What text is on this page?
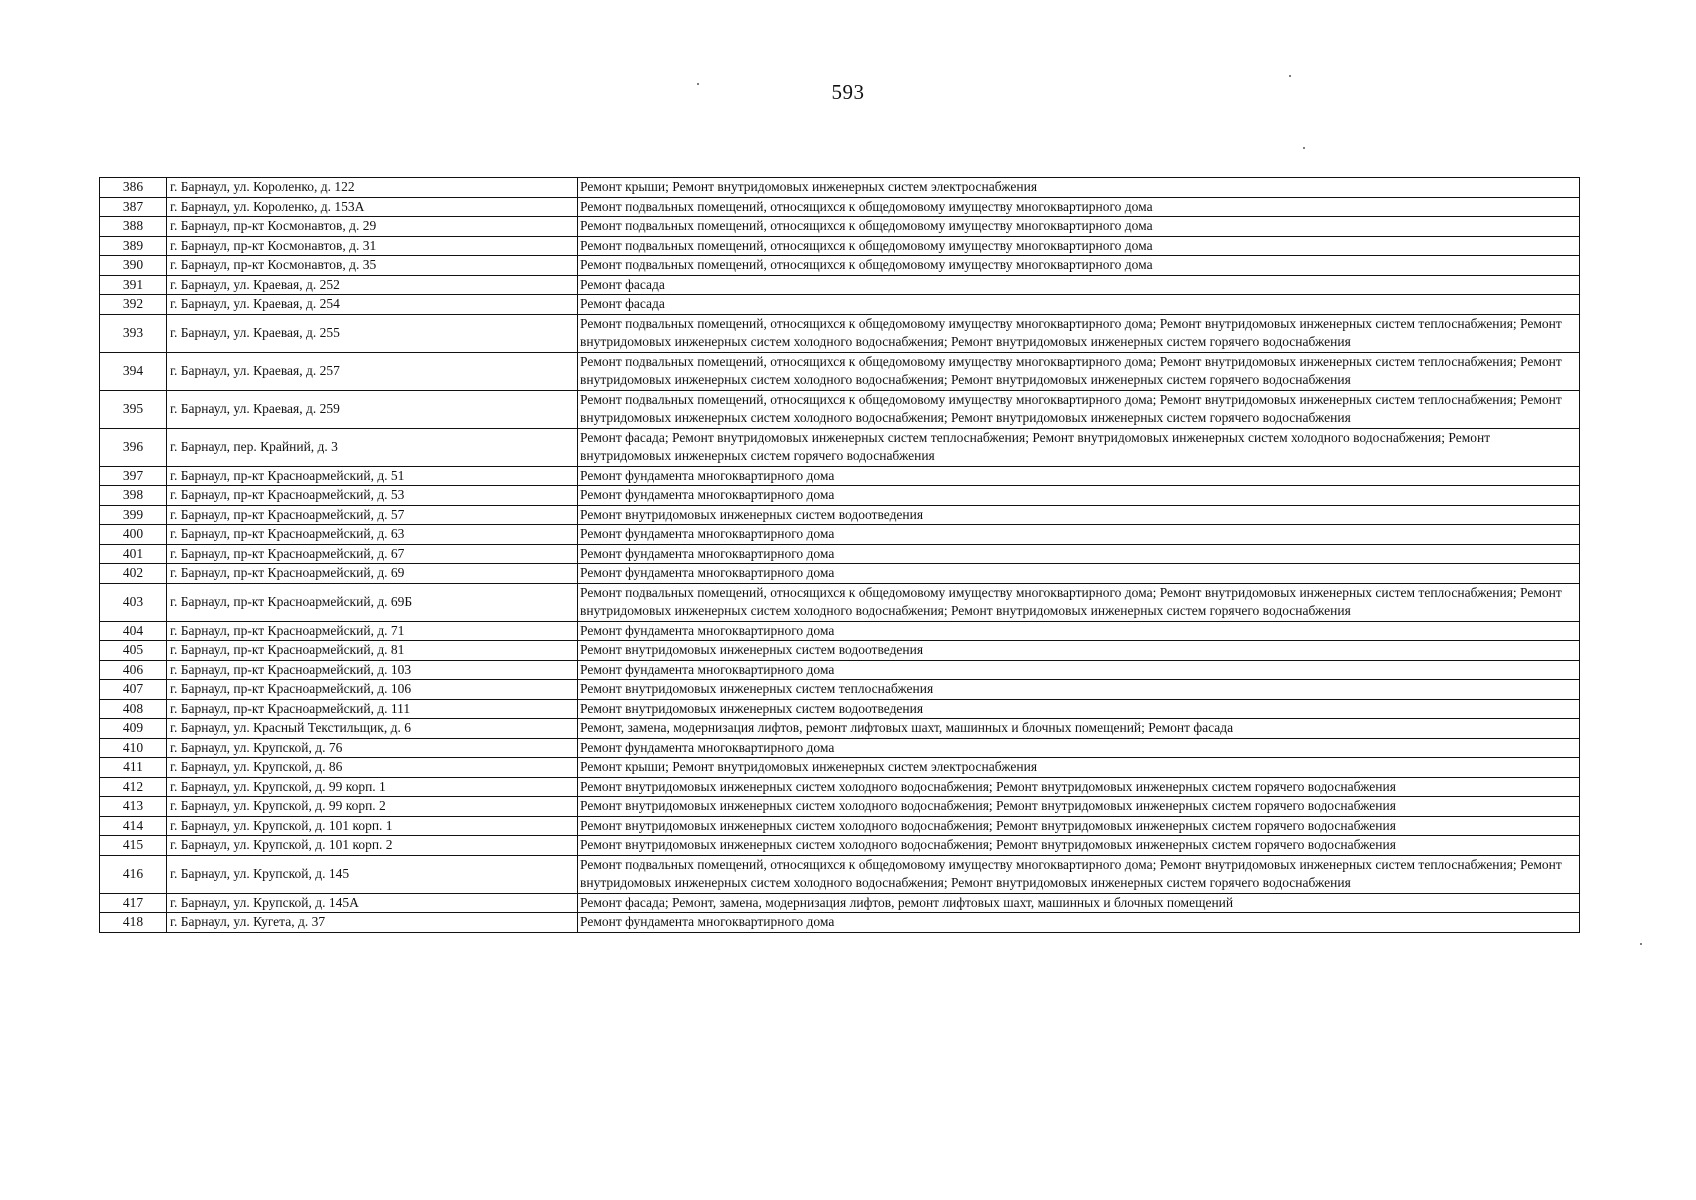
593
386	г. Барнаул, ул. Короленко, д. 122	Ремонт крыши; Ремонт внутридомовых инженерных систем электроснабжения
387	г. Барнаул, ул. Короленко, д. 153А	Ремонт подвальных помещений, относящихся к общедомовому имуществу многоквартирного дома
388	г. Барнаул, пр-кт Космонавтов, д. 29	Ремонт подвальных помещений, относящихся к общедомовому имуществу многоквартирного дома
389	г. Барнаул, пр-кт Космонавтов, д. 31	Ремонт подвальных помещений, относящихся к общедомовому имуществу многоквартирного дома
390	г. Барнаул, пр-кт Космонавтов, д. 35	Ремонт подвальных помещений, относящихся к общедомовому имуществу многоквартирного дома
391	г. Барнаул, ул. Краевая, д. 252	Ремонт фасада
392	г. Барнаул, ул. Краевая, д. 254	Ремонт фасада
393	г. Барнаул, ул. Краевая, д. 255	Ремонт подвальных помещений, относящихся к общедомовому имуществу многоквартирного дома; Ремонт внутридомовых инженерных систем теплоснабжения; Ремонт внутридомовых инженерных систем холодного водоснабжения; Ремонт внутридомовых инженерных систем горячего водоснабжения
394	г. Барнаул, ул. Краевая, д. 257	Ремонт подвальных помещений, относящихся к общедомовому имуществу многоквартирного дома; Ремонт внутридомовых инженерных систем теплоснабжения; Ремонт внутридомовых инженерных систем холодного водоснабжения; Ремонт внутридомовых инженерных систем горячего водоснабжения
395	г. Барнаул, ул. Краевая, д. 259	Ремонт подвальных помещений, относящихся к общедомовому имуществу многоквартирного дома; Ремонт внутридомовых инженерных систем теплоснабжения; Ремонт внутридомовых инженерных систем холодного водоснабжения; Ремонт внутридомовых инженерных систем горячего водоснабжения
396	г. Барнаул, пер. Крайний, д. 3	Ремонт фасада; Ремонт внутридомовых инженерных систем теплоснабжения; Ремонт внутридомовых инженерных систем холодного водоснабжения; Ремонт внутридомовых инженерных систем горячего водоснабжения
397	г. Барнаул, пр-кт Красноармейский, д. 51	Ремонт фундамента многоквартирного дома
398	г. Барнаул, пр-кт Красноармейский, д. 53	Ремонт фундамента многоквартирного дома
399	г. Барнаул, пр-кт Красноармейский, д. 57	Ремонт внутридомовых инженерных систем водоотведения
400	г. Барнаул, пр-кт Красноармейский, д. 63	Ремонт фундамента многоквартирного дома
401	г. Барнаул, пр-кт Красноармейский, д. 67	Ремонт фундамента многоквартирного дома
402	г. Барнаул, пр-кт Красноармейский, д. 69	Ремонт фундамента многоквартирного дома
403	г. Барнаул, пр-кт Красноармейский, д. 69Б	Ремонт подвальных помещений, относящихся к общедомовому имуществу многоквартирного дома; Ремонт внутридомовых инженерных систем теплоснабжения; Ремонт внутридомовых инженерных систем холодного водоснабжения; Ремонт внутридомовых инженерных систем горячего водоснабжения
404	г. Барнаул, пр-кт Красноармейский, д. 71	Ремонт фундамента многоквартирного дома
405	г. Барнаул, пр-кт Красноармейский, д. 81	Ремонт внутридомовых инженерных систем водоотведения
406	г. Барнаул, пр-кт Красноармейский, д. 103	Ремонт фундамента многоквартирного дома
407	г. Барнаул, пр-кт Красноармейский, д. 106	Ремонт внутридомовых инженерных систем теплоснабжения
408	г. Барнаул, пр-кт Красноармейский, д. 111	Ремонт внутридомовых инженерных систем водоотведения
409	г. Барнаул, ул. Красный Текстильщик, д. 6	Ремонт, замена, модернизация лифтов, ремонт лифтовых шахт, машинных и блочных помещений; Ремонт фасада
410	г. Барнаул, ул. Крупской, д. 76	Ремонт фундамента многоквартирного дома
411	г. Барнаул, ул. Крупской, д. 86	Ремонт крыши; Ремонт внутридомовых инженерных систем электроснабжения
412	г. Барнаул, ул. Крупской, д. 99 корп. 1	Ремонт внутридомовых инженерных систем холодного водоснабжения; Ремонт внутридомовых инженерных систем горячего водоснабжения
413	г. Барнаул, ул. Крупской, д. 99 корп. 2	Ремонт внутридомовых инженерных систем холодного водоснабжения; Ремонт внутридомовых инженерных систем горячего водоснабжения
414	г. Барнаул, ул. Крупской, д. 101 корп. 1	Ремонт внутридомовых инженерных систем холодного водоснабжения; Ремонт внутридомовых инженерных систем горячего водоснабжения
415	г. Барнаул, ул. Крупской, д. 101 корп. 2	Ремонт внутридомовых инженерных систем холодного водоснабжения; Ремонт внутридомовых инженерных систем горячего водоснабжения
416	г. Барнаул, ул. Крупской, д. 145	Ремонт подвальных помещений, относящихся к общедомовому имуществу многоквартирного дома; Ремонт внутридомовых инженерных систем теплоснабжения; Ремонт внутридомовых инженерных систем холодного водоснабжения; Ремонт внутридомовых инженерных систем горячего водоснабжения
417	г. Барнаул, ул. Крупской, д. 145А	Ремонт фасада; Ремонт, замена, модернизация лифтов, ремонт лифтовых шахт, машинных и блочных помещений
418	г. Барнаул, ул. Кугета, д. 37	Ремонт фундамента многоквартирного дома
